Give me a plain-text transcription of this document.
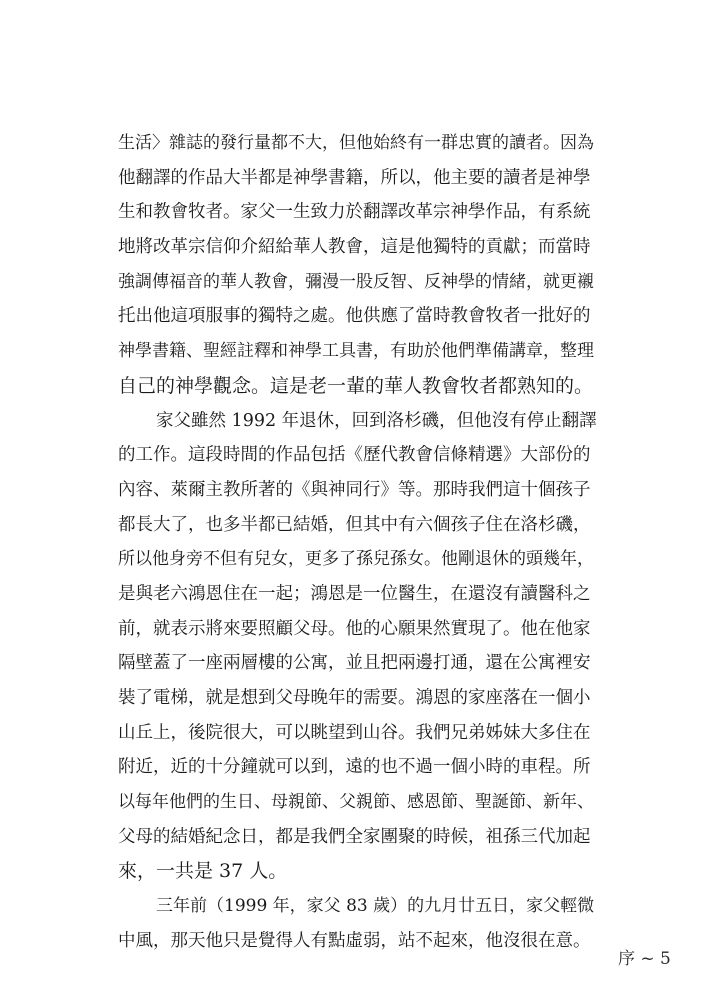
生活〉雜誌的發行量都不大，但他始終有一群忠實的讀者。因為
他翻譯的作品大半都是神學書籍，所以，他主要的讀者是神學
生和教會牧者。家父一生致力於翻譯改革宗神學作品，有系統
地將改革宗信仰介紹給華人教會，這是他獨特的貢獻；而當時
強調傳福音的華人教會，彌漫一股反智、反神學的情緒，就更襯
托出他這項服事的獨特之處。他供應了當時教會牧者一批好的
神學書籍、聖經註釋和神學工具書，有助於他們準備講章，整理
自己的神學觀念。這是老一輩的華人教會牧者都熟知的。
家父雖然 1992 年退休，回到洛杉磯，但他沒有停止翻譯
的工作。這段時間的作品包括《歷代教會信條精選》大部份的
內容、萊爾主教所著的《與神同行》等。那時我們這十個孩子
都長大了，也多半都已結婚，但其中有六個孩子住在洛杉磯，
所以他身旁不但有兒女，更多了孫兒孫女。他剛退休的頭幾年，
是與老六鴻恩住在一起；鴻恩是一位醫生，在還沒有讀醫科之
前，就表示將來要照顧父母。他的心願果然實現了。他在他家
隔壁蓋了一座兩層樓的公寓，並且把兩邊打通，還在公寓裡安
裝了電梯，就是想到父母晚年的需要。鴻恩的家座落在一個小
山丘上，後院很大，可以眺望到山谷。我們兄弟姊妹大多住在
附近，近的十分鐘就可以到，遠的也不過一個小時的車程。所
以每年他們的生日、母親節、父親節、感恩節、聖誕節、新年、
父母的結婚紀念日，都是我們全家團聚的時候，祖孫三代加起
來，一共是 37 人。
三年前（1999 年，家父 83 歲）的九月廿五日，家父輕微
中風，那天他只是覺得人有點虛弱，站不起來，他沒很在意。
序 ~ 5
